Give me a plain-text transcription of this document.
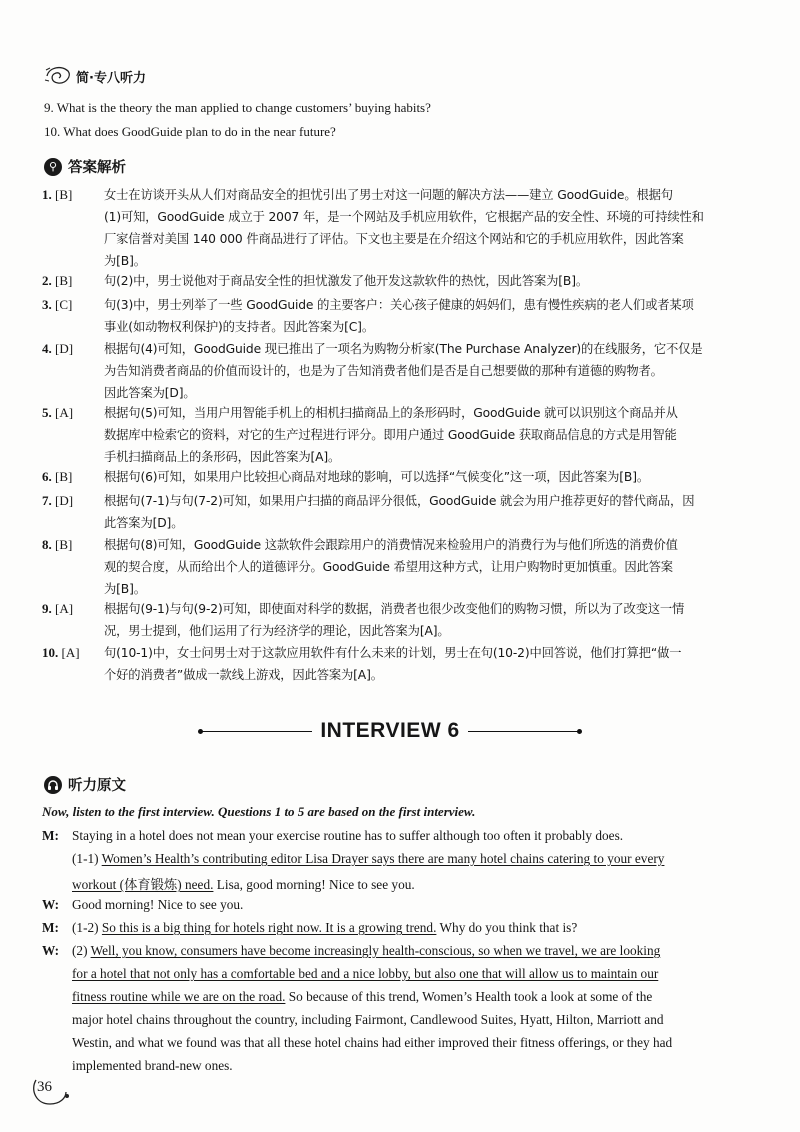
简·专八听力
9. What is the theory the man applied to change customers’ buying habits?
10. What does GoodGuide plan to do in the near future?
⚲ 答案解析
1. [B]	女士在访谈开头从人们对商品安全的担忧引出了男士对这一问题的解决方法——建立 GoodGuide。根据句
(1)可知，GoodGuide 成立于 2007 年，是一个网站及手机应用软件，它根据产品的安全性、环境的可持续性和
厂家信誉对美国 140 000 件商品进行了评估。下文也主要是在介绍这个网站和它的手机应用软件，因此答案
为[B]。
2. [B]	句(2)中，男士说他对于商品安全性的担忧激发了他开发这款软件的热忱，因此答案为[B]。
3. [C]	句(3)中，男士列举了一些 GoodGuide 的主要客户：关心孩子健康的妈妈们，患有慢性疾病的老人们或者某项
事业(如动物权利保护)的支持者。因此答案为[C]。
4. [D]	根据句(4)可知，GoodGuide 现已推出了一项名为购物分析家(The Purchase Analyzer)的在线服务，它不仅是
为告知消费者商品的价值而设计的，也是为了告知消费者他们是否是自己想要做的那种有道德的购物者。
因此答案为[D]。
5. [A]	根据句(5)可知，当用户用智能手机上的相机扫描商品上的条形码时，GoodGuide 就可以识别这个商品并从
数据库中检索它的资料，对它的生产过程进行评分。即用户通过 GoodGuide 获取商品信息的方式是用智能
手机扫描商品上的条形码，因此答案为[A]。
6. [B]	根据句(6)可知，如果用户比较担心商品对地球的影响，可以选择“气候变化”这一项，因此答案为[B]。
7. [D]	根据句(7-1)与句(7-2)可知，如果用户扫描的商品评分很低，GoodGuide 就会为用户推荐更好的替代商品，因
此答案为[D]。
8. [B]	根据句(8)可知，GoodGuide 这款软件会跟踪用户的消费情况来检验用户的消费行为与他们所选的消费价值
观的契合度，从而给出个人的道德评分。GoodGuide 希望用这种方式，让用户购物时更加慎重。因此答案
为[B]。
9. [A]	根据句(9-1)与句(9-2)可知，即使面对科学的数据，消费者也很少改变他们的购物习惯，所以为了改变这一情
况，男士提到，他们运用了行为经济学的理论，因此答案为[A]。
10. [A]	句(10-1)中，女士问男士对于这款应用软件有什么未来的计划，男士在句(10-2)中回答说，他们打算把“做一
个好的消费者”做成一款线上游戏，因此答案为[A]。
INTERVIEW 6
听力原文
Now, listen to the first interview. Questions 1 to 5 are based on the first interview.
M: Staying in a hotel does not mean your exercise routine has to suffer although too often it probably does.
(1-1) Women’s Health’s contributing editor Lisa Drayer says there are many hotel chains catering to your every
workout (体育锻炼) need. Lisa, good morning! Nice to see you.
W: Good morning! Nice to see you.
M: (1-2) So this is a big thing for hotels right now. It is a growing trend. Why do you think that is?
W: (2) Well, you know, consumers have become increasingly health-conscious, so when we travel, we are looking
for a hotel that not only has a comfortable bed and a nice lobby, but also one that will allow us to maintain our
fitness routine while we are on the road. So because of this trend, Women’s Health took a look at some of the
major hotel chains throughout the country, including Fairmont, Candlewood Suites, Hyatt, Hilton, Marriott and
Westin, and what we found was that all these hotel chains had either improved their fitness offerings, or they had
implemented brand-new ones.
36
